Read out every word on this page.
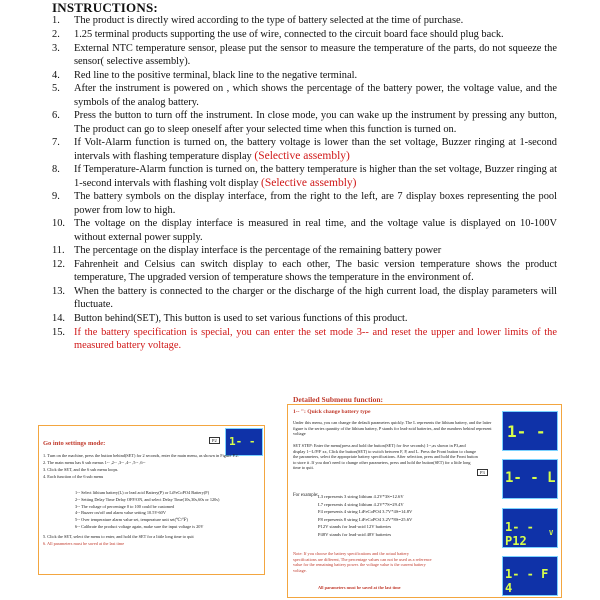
INSTRUCTIONS:
1. The product is directly wired according to the type of battery selected at the time of purchase.
2. 1.25 terminal products supporting the use of wire, connected to the circuit board face should plug back.
3. External NTC temperature sensor, please put the sensor to measure the temperature of the parts, do not squeeze the sensor( selective assembly).
4. Red line to the positive terminal, black line to the negative terminal.
5. After the instrument is powered on , which shows the percentage of the battery power, the voltage value, and the symbols of the analog battery.
6. Press the button to turn off the instrument. In close mode, you can wake up the instrument by pressing any button, The product can go to sleep oneself after your selected time when this function is turned on.
7. If Volt-Alarm function is turned on, the battery voltage is lower than the set voltage, Buzzer ringing at 1-second intervals with flashing temperature display (Selective assembly)
8. If Temperature-Alarm function is turned on, the battery temperature is higher than the set voltage, Buzzer ringing at 1-second intervals with flashing volt display (Selective assembly)
9. The battery symbols on the display interface, from the right to the left, are 7 display boxes representing the pool power from low to high.
10. The voltage on the display interface is measured in real time, and the voltage value is displayed on 10-100V without external power supply.
11. The percentage on the display interface is the percentage of the remaining battery power
12. Fahrenheit and Celsius can switch display to each other, The basic version temperature shows the product temperature, The upgraded version of temperature shows the temperature in the environment of.
13. When the battery is connected to the charger or the discharge of the high current load, the display parameters will fluctuate.
14. Button behind(SET), This button is used to set various functions of this product.
15. If the battery specification is special, you can enter the set mode 3-- and reset the upper and lower limits of the measured battery voltage.
Detailed Submenu function:
1-- ": Quick change battery type
Under this menu, you can change the default parameters quickly. The L represents the lithium battery, and the latter figure is the series quantity of the lithium battery, P stands for lead-acid batteries, and the numbers behind represent voltage
SET STEP: Enter the menu(press and hold the button(SET) for five seconds) 1--,as shown in P3,and display 1--L/P/F xx, Click the button(SET) to switch between F, P, and L. Press the Front button to change the parameters, select the appropriate battery specifications. After selection, press and hold the Front button to store it .If you don't need to change other parameters, press and hold the button(SET) for a little long time to quit.
P3
For example: L3 represents 3 string lithium 4.2V*3S=12.6V
L7 represents 4 string lithium 4.2V*7S=29.4V
F4 represents 4 string LiFeCoPO4 3.7V*4S=14.8V
F8 represents 8 string LiFeCoPO4 3.2V*8S=25.6V
P12V stands for lead-acid 12V batteries
P48V stands for lead-acid 48V batteries
Note: If you choose the battery specifications and the actual battery specifications are different, The percentage values can not be used as a reference value for the remaining battery power. the voltage value is the current battery voltage.
All parameters must be saved at the last time
1- -
1- - L
1- - P12
V
1- - F 4
Go into settings mode:	P2 1- -
1. Turn on the machine, press the button behind(SET) for 2 seconds, enter the main menu, as shown in Figure P.2.
2. The main menu has 6 sub menus 1-- ,2-- ,3-- ,4-- ,5-- ,6--
3. Click the SET, and the 6 sub menu loops.
4. Each function of the 6 sub menu
1-- Select lithium battery(L) or lead acid Battery(P) or LiFeCoPO4 Battery(F)
2-- Setting Delay Time Delay OFF/ON, and select Delay Time(10s,30s,60s or 120s)
3-- The voltage of percentage 0 to 100 could be customed
4-- Buzzer on/off and alarm value setting 10.5V-60V
5-- Over temperature alarm value set, temperature unit set(℃/℉)
6-- Calibrate the product voltage again, make sure the input voltage is 20V
5. Click the SET, select the menu to enter, and hold the SET for a little long time to quit
6. All parameters must be saved at the last time
